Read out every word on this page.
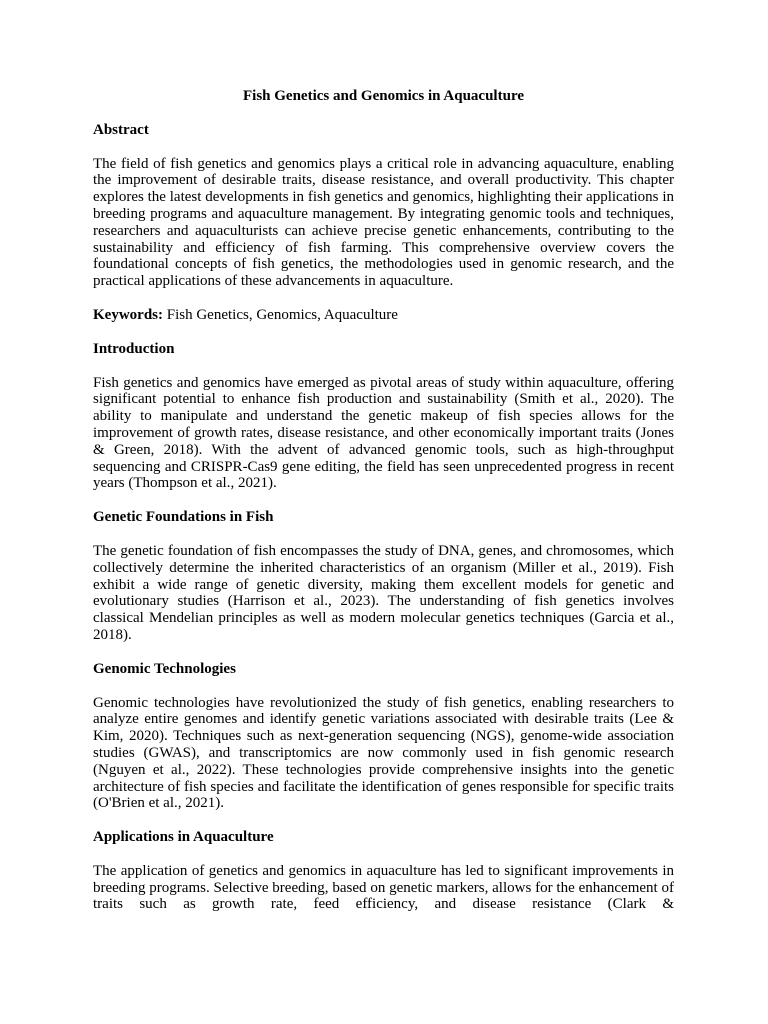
Fish Genetics and Genomics in Aquaculture
Abstract
The field of fish genetics and genomics plays a critical role in advancing aquaculture, enabling the improvement of desirable traits, disease resistance, and overall productivity. This chapter explores the latest developments in fish genetics and genomics, highlighting their applications in breeding programs and aquaculture management. By integrating genomic tools and techniques, researchers and aquaculturists can achieve precise genetic enhancements, contributing to the sustainability and efficiency of fish farming. This comprehensive overview covers the foundational concepts of fish genetics, the methodologies used in genomic research, and the practical applications of these advancements in aquaculture.
Keywords: Fish Genetics, Genomics, Aquaculture
Introduction
Fish genetics and genomics have emerged as pivotal areas of study within aquaculture, offering significant potential to enhance fish production and sustainability (Smith et al., 2020). The ability to manipulate and understand the genetic makeup of fish species allows for the improvement of growth rates, disease resistance, and other economically important traits (Jones & Green, 2018). With the advent of advanced genomic tools, such as high-throughput sequencing and CRISPR-Cas9 gene editing, the field has seen unprecedented progress in recent years (Thompson et al., 2021).
Genetic Foundations in Fish
The genetic foundation of fish encompasses the study of DNA, genes, and chromosomes, which collectively determine the inherited characteristics of an organism (Miller et al., 2019). Fish exhibit a wide range of genetic diversity, making them excellent models for genetic and evolutionary studies (Harrison et al., 2023). The understanding of fish genetics involves classical Mendelian principles as well as modern molecular genetics techniques (Garcia et al., 2018).
Genomic Technologies
Genomic technologies have revolutionized the study of fish genetics, enabling researchers to analyze entire genomes and identify genetic variations associated with desirable traits (Lee & Kim, 2020). Techniques such as next-generation sequencing (NGS), genome-wide association studies (GWAS), and transcriptomics are now commonly used in fish genomic research (Nguyen et al., 2022). These technologies provide comprehensive insights into the genetic architecture of fish species and facilitate the identification of genes responsible for specific traits (O'Brien et al., 2021).
Applications in Aquaculture
The application of genetics and genomics in aquaculture has led to significant improvements in breeding programs. Selective breeding, based on genetic markers, allows for the enhancement of traits such as growth rate, feed efficiency, and disease resistance (Clark &
